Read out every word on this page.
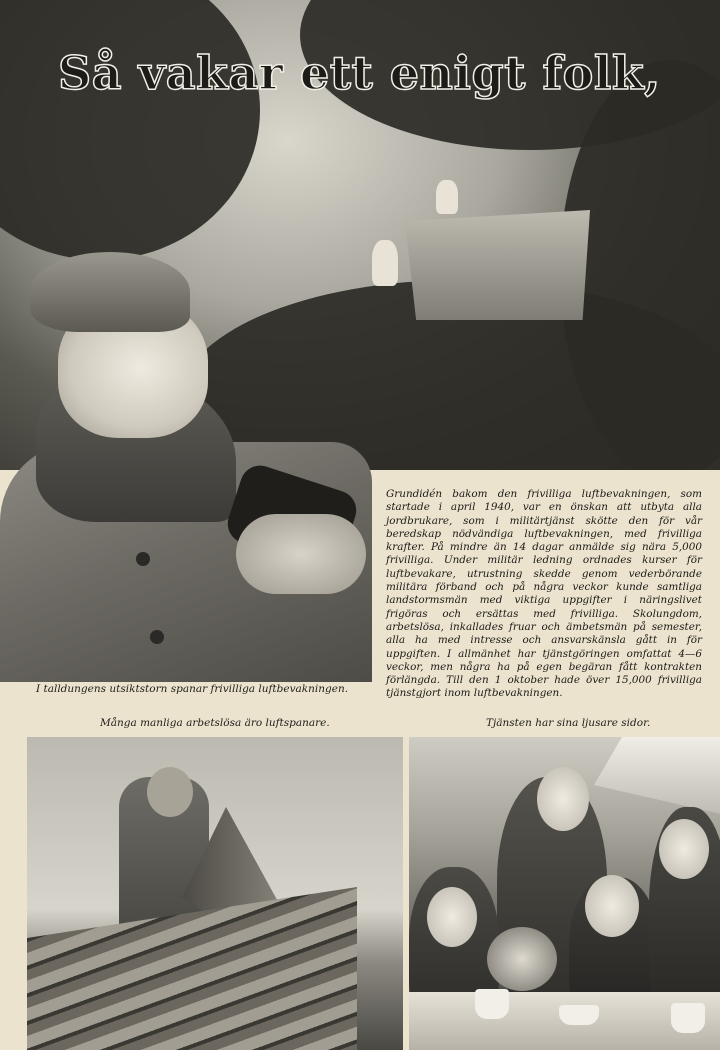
Så vakar ett enigt folk,

I talldungens utsiktstorn spanar frivilliga luftbevakningen.

Grundidén bakom den frivilliga luftbevakningen, som startade i april 1940, var en önskan att utbyta alla jordbrukare, som i militärtjänst skötte den för vår beredskap nödvändiga luftbevakningen, med frivilliga krafter. På mindre än 14 dagar anmälde sig nära 5,000 frivilliga. Under militär ledning ordnades kurser för luftbevakare, utrustning skedde genom vederbörande militära förband och på några veckor kunde samtliga landstormsmän med viktiga uppgifter i näringslivet frigöras och ersättas med frivilliga. Skolungdom, arbetslösa, inkallades fruar och ämbetsmän på semester, alla ha med intresse och ansvarskänsla gått in för uppgiften. I allmänhet har tjänstgöringen omfattat 4—6 veckor, men några ha på egen begäran fått kontrakten förlängda. Till den 1 oktober hade över 15,000 frivilliga tjänstgjort inom luftbevakningen.

Många manliga arbetslösa äro luftspanare.	Tjänsten har sina ljusare sidor.
